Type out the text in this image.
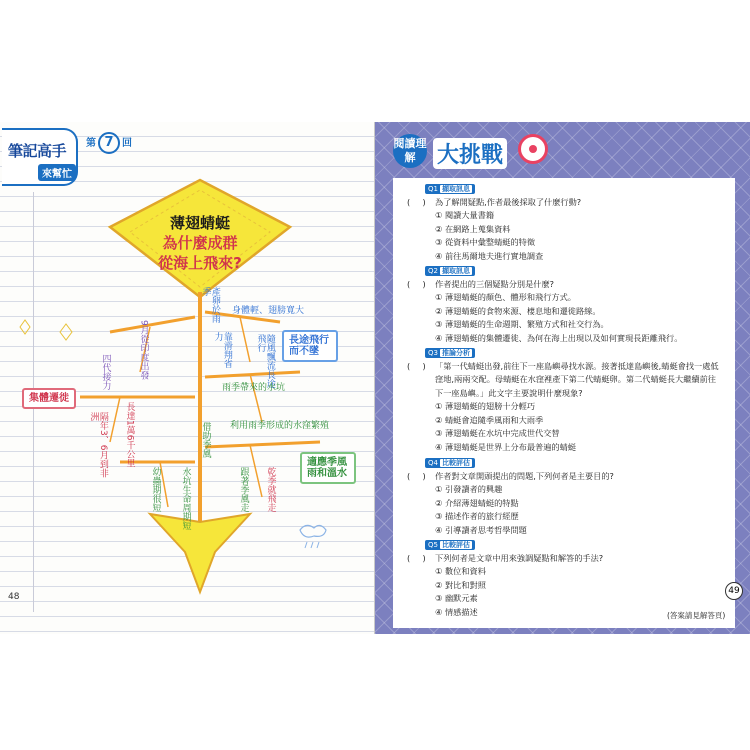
筆記高手
來幫忙
第 7 回
薄翅蜻蜓
為什麼成群
從海上飛來?
集體遷徙
長途飛行
而不墜
適應季風
雨和溫水
9月從印度出發
四代接力
長達1萬6千公里
隔年3、6月到非洲
產卵於雨季
身體輕、翅膀寬大
靠滑翔省力	隨風飄流長途飛行
借助季風
雨季帶來的水坑
水坑生命周期短
幼蟲期很短
利用雨季形成的水窪繁殖
跟著季風走 乾季就飛走
48
閱讀理解 大挑戰
Q1 擷取訊息
(   )	為了解開疑點,作者最後採取了什麼行動?
① 閱讀大量書籍
② 在網路上蒐集資料
③ 從資料中彙整蜻蜓的特徵
④ 前往馬爾地夫進行實地調查
Q2 擷取訊息
(   )	作者提出的三個疑點分別是什麼?
① 薄翅蜻蜓的顏色、體形和飛行方式。
② 薄翅蜻蜓的食物來源、棲息地和遷徙路線。
③ 薄翅蜻蜓的生命週期、繁殖方式和社交行為。
④ 薄翅蜻蜓的集體遷徙、為何在海上出現以及如何實現長距離飛行。
Q3 推論分析
(   )	「第一代蜻蜓出發,前往下一座島嶼尋找水源。接著抵達島嶼後,蜻蜓會找一處低窪地,兩兩交配。母蜻蜓在水窪裡產下第二代蜻蜓卵。第二代蜻蜓長大繼續前往下一座島嶼。」此文字主要說明什麼現象?
① 薄翅蜻蜓的翅膀十分輕巧
② 蜻蜓會追隨季風雨和大雨季
③ 薄翅蜻蜓在水坑中完成世代交替
④ 薄翅蜻蜓是世界上分布最普遍的蜻蜓
Q4 比較評估
(   )	作者對文章開頭提出的問題,下列何者是主要目的?
① 引發讀者的興趣
② 介紹薄翅蜻蜓的特點
③ 描述作者的旅行經歷
④ 引導讀者思考哲學問題
Q5 比較評估
(   )	下列何者是文章中用來強調疑點和解答的手法?
① 數位和資料
② 對比和對照
③ 幽默元素
④ 情感描述	(答案請見解答頁)
49
